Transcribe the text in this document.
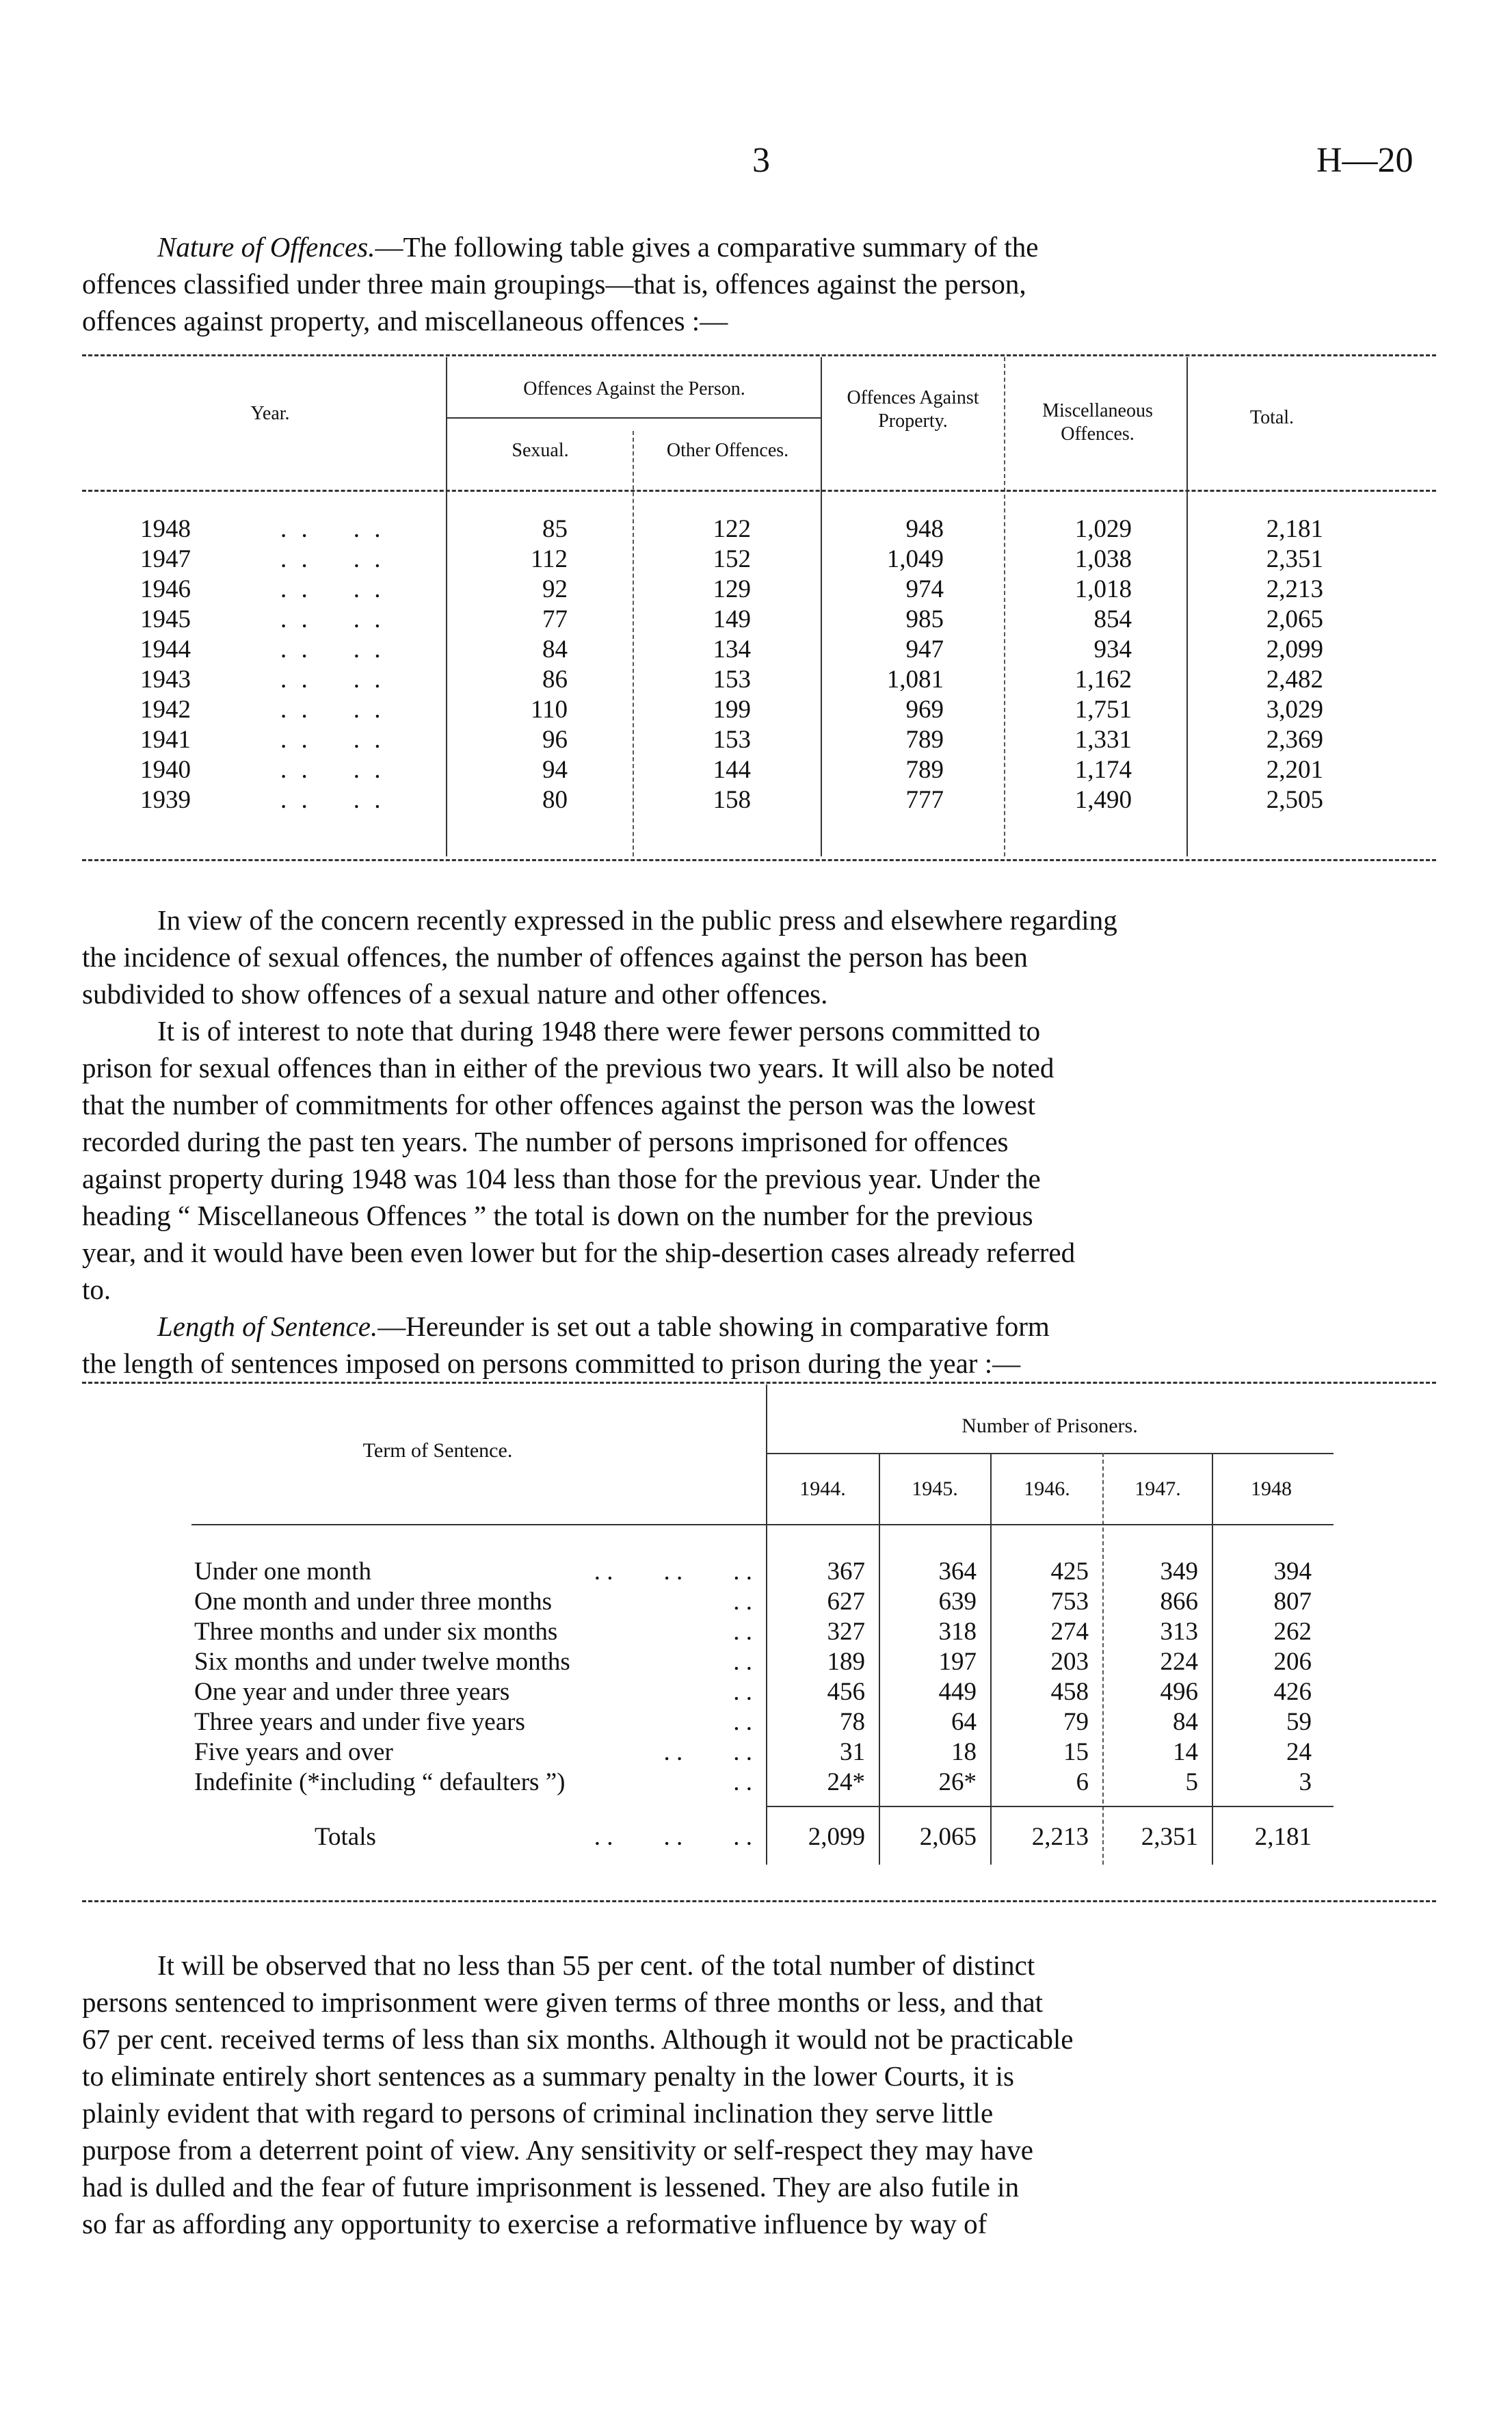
3	H—20
Nature of Offences.—The following table gives a comparative summary of the
offences classified under three main groupings—that is, offences against the person,
offences against property, and miscellaneous offences :—
Year.
Offences Against the Person.
Sexual.	Other Offences.
Offences Against Property.	Miscellaneous Offences.
Total.
1948	. .    . .	85	122	948	1,029	2,181
1947	. .    . .	112	152	1,049	1,038	2,351
1946	. .    . .	92	129	974	1,018	2,213
1945	. .    . .	77	149	985	854	2,065
1944	. .    . .	84	134	947	934	2,099
1943	. .    . .	86	153	1,081	1,162	2,482
1942	. .    . .	110	199	969	1,751	3,029
1941	. .    . .	96	153	789	1,331	2,369
1940	. .    . .	94	144	789	1,174	2,201
1939	. .    . .	80	158	777	1,490	2,505
In view of the concern recently expressed in the public press and elsewhere regarding
the incidence of sexual offences, the number of offences against the person has been
subdivided to show offences of a sexual nature and other offences.
It is of interest to note that during 1948 there were fewer persons committed to
prison for sexual offences than in either of the previous two years. It will also be noted
that the number of commitments for other offences against the person was the lowest
recorded during the past ten years. The number of persons imprisoned for offences
against property during 1948 was 104 less than those for the previous year. Under the
heading “ Miscellaneous Offences ” the total is down on the number for the previous
year, and it would have been even lower but for the ship-desertion cases already referred
to.
Length of Sentence.—Hereunder is set out a table showing in comparative form
the length of sentences imposed on persons committed to prison during the year :—
Term of Sentence.
Number of Prisoners.
1944.	1945.	1946.	1947.	1948
Under one month	. .        . .        . .	367	364	425	349	394
One month and under three months	. .	627	639	753	866	807
Three months and under six months	. .	327	318	274	313	262
Six months and under twelve months	. .	189	197	203	224	206
One year and under three years	. .	456	449	458	496	426
Three years and under five years	. .	78	64	79	84	59
Five years and over	. .        . .	31	18	15	14	24
Indefinite (*including “ defaulters ”)	. .	24*	26*	6	5	3
Totals	. .        . .        . .	2,099	2,065	2,213	2,351	2,181
It will be observed that no less than 55 per cent. of the total number of distinct
persons sentenced to imprisonment were given terms of three months or less, and that
67 per cent. received terms of less than six months. Although it would not be practicable
to eliminate entirely short sentences as a summary penalty in the lower Courts, it is
plainly evident that with regard to persons of criminal inclination they serve little
purpose from a deterrent point of view. Any sensitivity or self-respect they may have
had is dulled and the fear of future imprisonment is lessened. They are also futile in
so far as affording any opportunity to exercise a reformative influence by way of
